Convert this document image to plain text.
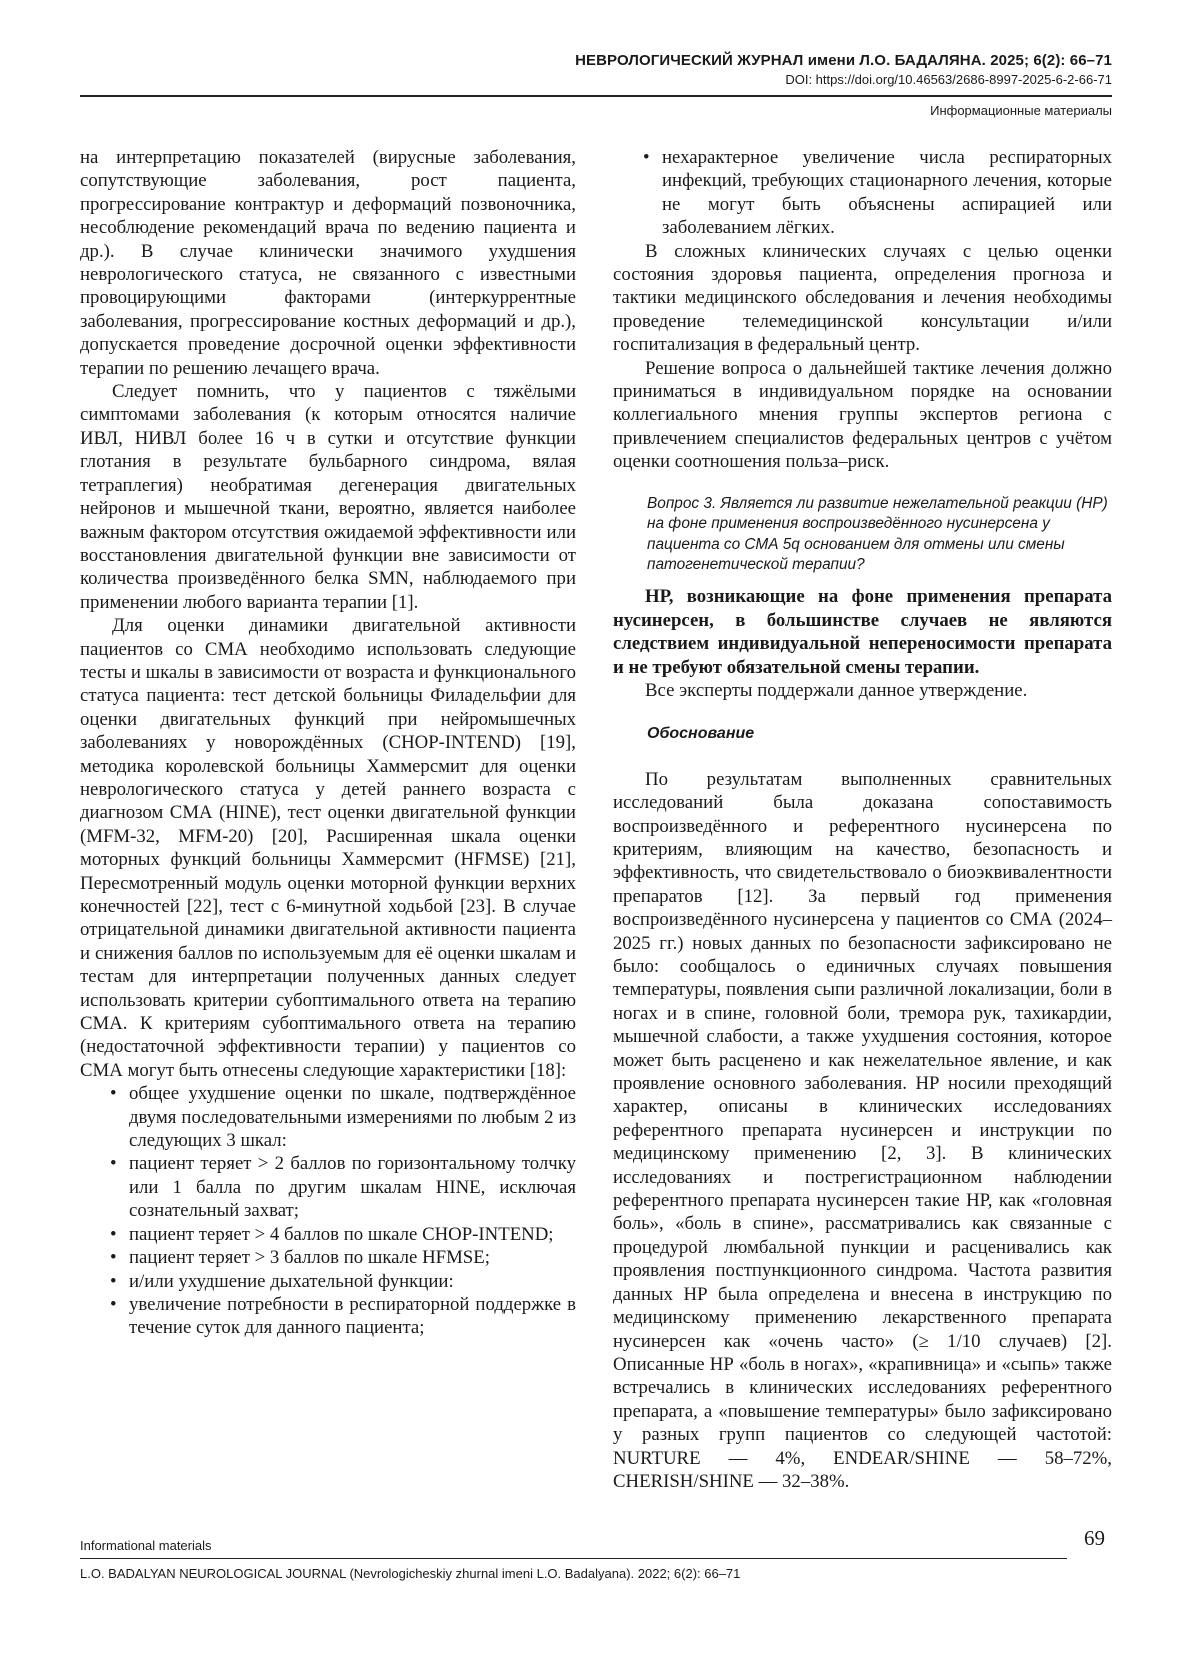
НЕВРОЛОГИЧЕСКИЙ ЖУРНАЛ имени Л.О. БАДАЛЯНА. 2025; 6(2): 66–71
DOI: https://doi.org/10.46563/2686-8997-2025-6-2-66-71
Информационные материалы

на интерпретацию показателей (вирусные заболевания, сопутствующие заболевания, рост пациента, прогрессирование контрактур и деформаций позвоночника, несоблюдение рекомендаций врача по ведению пациента и др.). В случае клинически значимого ухудшения неврологического статуса, не связанного с известными провоцирующими факторами (интеркуррентные заболевания, прогрессирование костных деформаций и др.), допускается проведение досрочной оценки эффективности терапии по решению лечащего врача.

Следует помнить, что у пациентов с тяжёлыми симптомами заболевания (к которым относятся наличие ИВЛ, НИВЛ более 16 ч в сутки и отсутствие функции глотания в результате бульбарного синдрома, вялая тетраплегия) необратимая дегенерация двигательных нейронов и мышечной ткани, вероятно, является наиболее важным фактором отсутствия ожидаемой эффективности или восстановления двигательной функции вне зависимости от количества произведённого белка SMN, наблюдаемого при применении любого варианта терапии [1].

Для оценки динамики двигательной активности пациентов со СМА необходимо использовать следующие тесты и шкалы в зависимости от возраста и функционального статуса пациента: тест детской больницы Филадельфии для оценки двигательных функций при нейромышечных заболеваниях у новорождённых (CHOP-INTEND) [19], методика королевской больницы Хаммерсмит для оценки неврологического статуса у детей раннего возраста с диагнозом СМА (HINE), тест оценки двигательной функции (MFM-32, MFM-20) [20], Расширенная шкала оценки моторных функций больницы Хаммерсмит (HFMSE) [21], Пересмотренный модуль оценки моторной функции верхних конечностей [22], тест с 6-минутной ходьбой [23]. В случае отрицательной динамики двигательной активности пациента и снижения баллов по используемым для её оценки шкалам и тестам для интерпретации полученных данных следует использовать критерии субоптимального ответа на терапию СМА. К критериям субоптимального ответа на терапию (недостаточной эффективности терапии) у пациентов со СМА могут быть отнесены следующие характеристики [18]:

• общее ухудшение оценки по шкале, подтверждённое двумя последовательными измерениями по любым 2 из следующих 3 шкал:
• пациент теряет > 2 баллов по горизонтальному толчку или 1 балла по другим шкалам HINE, исключая сознательный захват;
• пациент теряет > 4 баллов по шкале CHOP-INTEND;
• пациент теряет > 3 баллов по шкале HFMSE;
• и/или ухудшение дыхательной функции:
• увеличение потребности в респираторной поддержке в течение суток для данного пациента;
• нехарактерное увеличение числа респираторных инфекций, требующих стационарного лечения, которые не могут быть объяснены аспирацией или заболеванием лёгких.

В сложных клинических случаях с целью оценки состояния здоровья пациента, определения прогноза и тактики медицинского обследования и лечения необходимы проведение телемедицинской консультации и/или госпитализация в федеральный центр.

Решение вопроса о дальнейшей тактике лечения должно приниматься в индивидуальном порядке на основании коллегиального мнения группы экспертов региона с привлечением специалистов федеральных центров с учётом оценки соотношения польза–риск.

Вопрос 3. Является ли развитие нежелательной реакции (НР) на фоне применения воспроизведённого нусинерсена у пациента со СМА 5q основанием для отмены или смены патогенетической терапии?

НР, возникающие на фоне применения препарата нусинерсен, в большинстве случаев не являются следствием индивидуальной непереносимости препарата и не требуют обязательной смены терапии.

Все эксперты поддержали данное утверждение.

Обоснование

По результатам выполненных сравнительных исследований была доказана сопоставимость воспроизведённого и референтного нусинерсена по критериям, влияющим на качество, безопасность и эффективность, что свидетельствовало о биоэквивалентности препаратов [12]. За первый год применения воспроизведённого нусинерсена у пациентов со СМА (2024–2025 гг.) новых данных по безопасности зафиксировано не было: сообщалось о единичных случаях повышения температуры, появления сыпи различной локализации, боли в ногах и в спине, головной боли, тремора рук, тахикардии, мышечной слабости, а также ухудшения состояния, которое может быть расценено и как нежелательное явление, и как проявление основного заболевания. НР носили преходящий характер, описаны в клинических исследованиях референтного препарата нусинерсен и инструкции по медицинскому применению [2, 3]. В клинических исследованиях и пострегистрационном наблюдении референтного препарата нусинерсен такие НР, как «головная боль», «боль в спине», рассматривались как связанные с процедурой люмбальной пункции и расценивались как проявления постпункционного синдрома. Частота развития данных НР была определена и внесена в инструкцию по медицинскому применению лекарственного препарата нусинерсен как «очень часто» (≥ 1/10 случаев) [2]. Описанные НР «боль в ногах», «крапивница» и «сыпь» также встречались в клинических исследованиях референтного препарата, а «повышение температуры» было зафиксировано у разных групп пациентов со следующей частотой: NURTURE — 4%, ENDEAR/SHINE — 58–72%, CHERISH/SHINE — 32–38%.

Informational materials
L.O. BADALYAN NEUROLOGICAL JOURNAL (Nevrologicheskiy zhurnal imeni L.O. Badalyana). 2022; 6(2): 66–71
69
